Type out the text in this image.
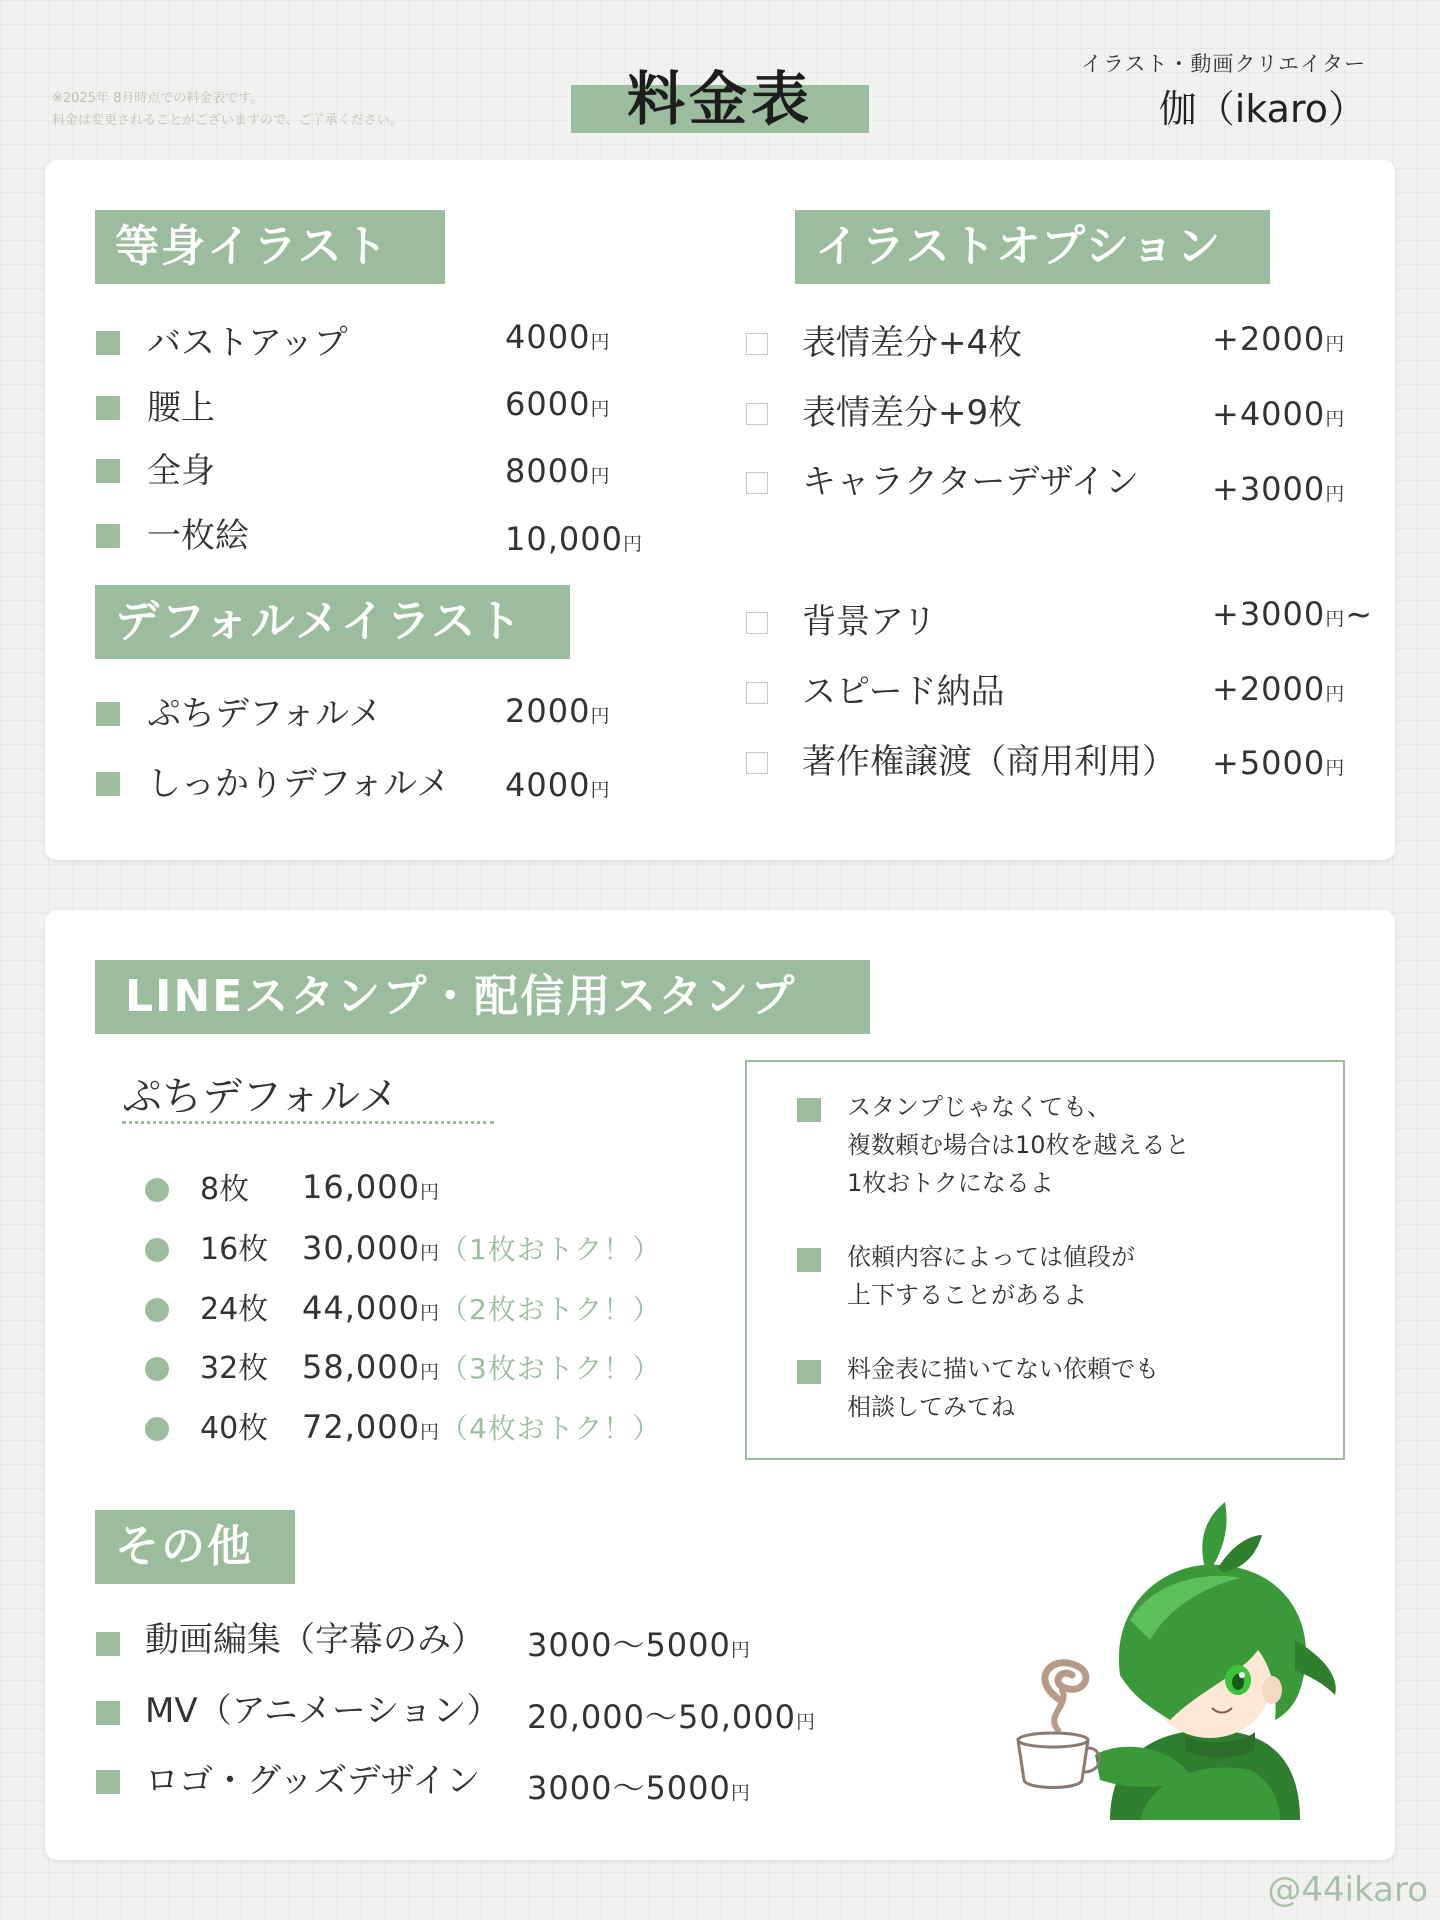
※2025年 8月時点での料金表です。
料金は変更されることがございますので、ご了承ください。	料金表
イラスト・動画クリエイター
伽（ikaro）
等身イラスト
バストアップ	4000円
腰上	6000円
全身	8000円
一枚絵	10,000円
デフォルメイラスト
ぷちデフォルメ	2000円
しっかりデフォルメ 4000円
イラストオプション
表情差分+4枚	+2000円
表情差分+9枚	+4000円
キャラクターデザイン +3000円
背景アリ	+3000円~
スピード納品	+2000円
著作権譲渡（商用利用） +5000円
LINEスタンプ・配信用スタンプ
ぷちデフォルメ
8枚 16,000円
16枚 30,000円（1枚おトク！）
24枚 44,000円（2枚おトク！）
32枚 58,000円（3枚おトク！）
40枚 72,000円（4枚おトク！）
スタンプじゃなくても、
複数頼む場合は10枚を越えると
1枚おトクになるよ
依頼内容によっては値段が
上下することがあるよ
料金表に描いてない依頼でも
相談してみてね
その他
動画編集（字幕のみ） 3000～5000円
MV（アニメーション） 20,000～50,000円
ロゴ・グッズデザイン 3000～5000円
@44ikaro
